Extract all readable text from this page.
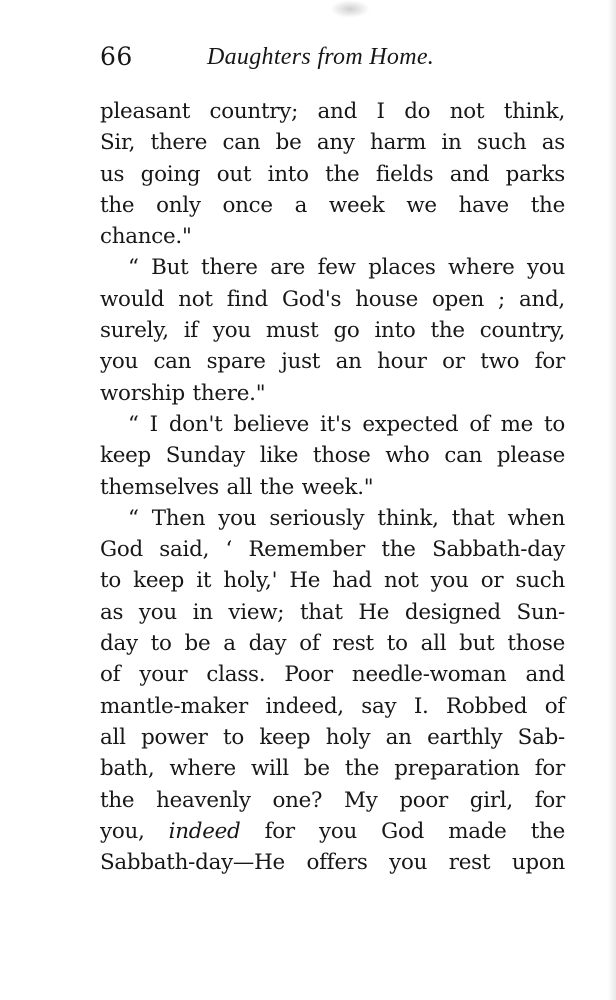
66	Daughters from Home.
pleasant country; and I do not think,
Sir, there can be any harm in such as
us going out into the fields and parks
the only once a week we have the
chance."
“ But there are few places where you
would not find God's house open ; and,
surely, if you must go into the country,
you can spare just an hour or two for
worship there."
“ I don't believe it's expected of me to
keep Sunday like those who can please
themselves all the week."
“ Then you seriously think, that when
God said, ‘ Remember the Sabbath-day
to keep it holy,' He had not you or such
as you in view; that He designed Sun-
day to be a day of rest to all but those
of your class. Poor needle-woman and
mantle-maker indeed, say I. Robbed of
all power to keep holy an earthly Sab-
bath, where will be the preparation for
the heavenly one? My poor girl, for
you, indeed for you God made the
Sabbath-day—He offers you rest upon
